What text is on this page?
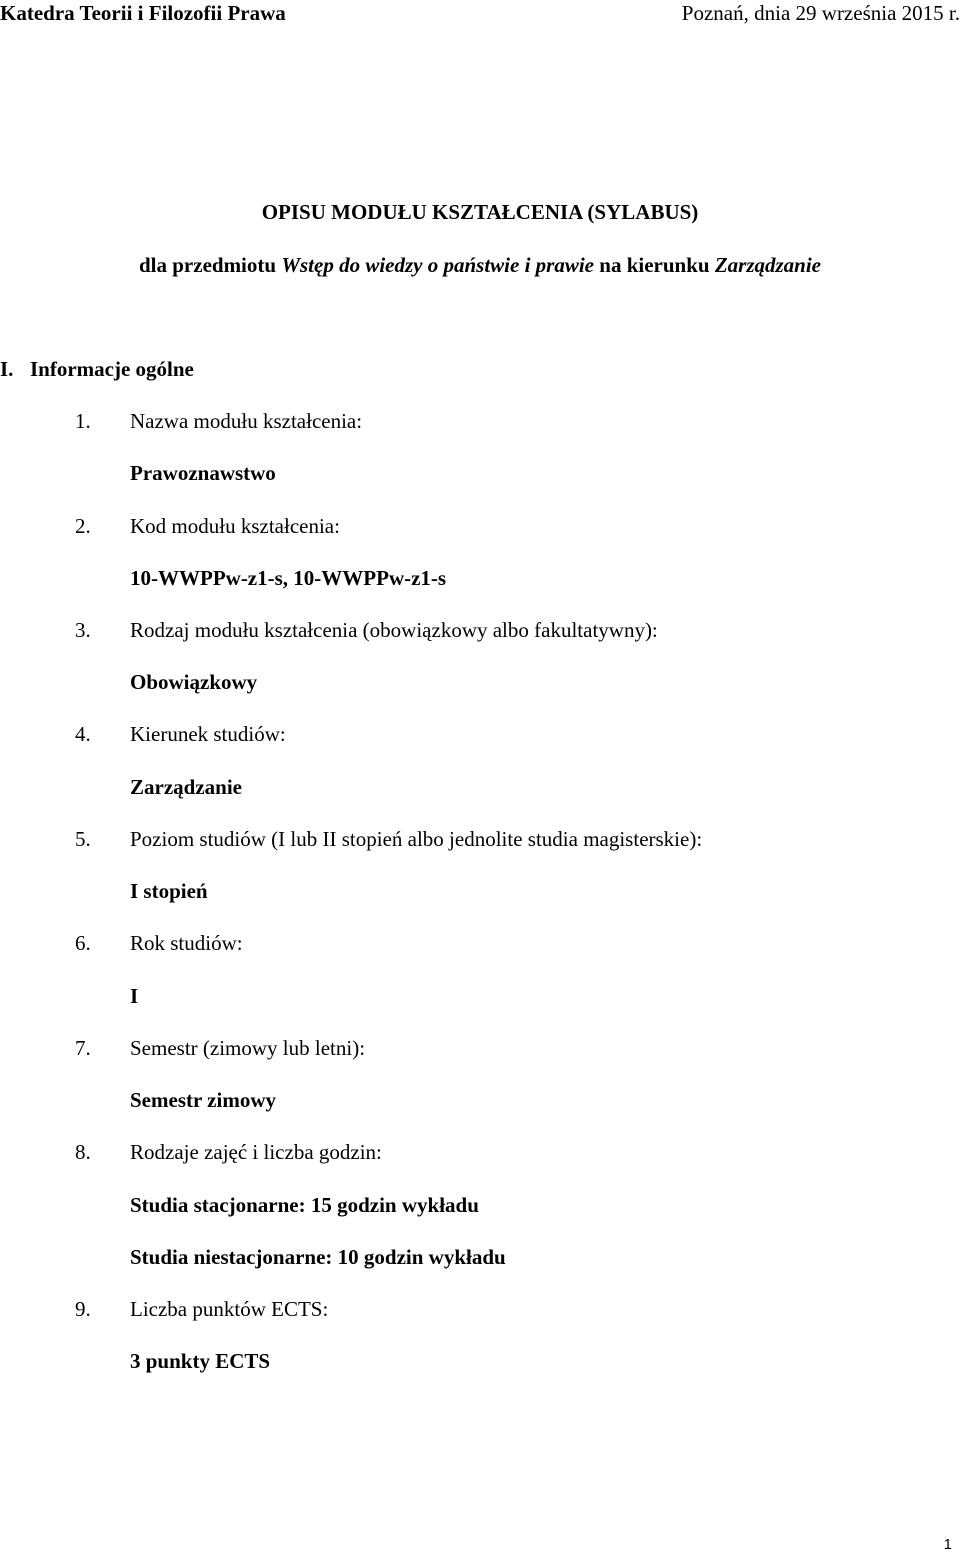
Katedra Teorii i Filozofii Prawa	Poznań, dnia 29 września 2015 r.
OPISU MODUŁU KSZTAŁCENIA (SYLABUS)
dla przedmiotu Wstęp do wiedzy o państwie i prawie na kierunku Zarządzanie
I. Informacje ogólne
1.	Nazwa modułu kształcenia:
Prawoznawstwo
2.	Kod modułu kształcenia:
10-WWPPw-z1-s, 10-WWPPw-z1-s
3.	Rodzaj modułu kształcenia (obowiązkowy albo fakultatywny):
Obowiązkowy
4.	Kierunek studiów:
Zarządzanie
5.	Poziom studiów (I lub II stopień albo jednolite studia magisterskie):
I stopień
6.	Rok studiów:
I
7.	Semestr (zimowy lub letni):
Semestr zimowy
8.	Rodzaje zajęć i liczba godzin:
Studia stacjonarne: 15 godzin wykładu
Studia niestacjonarne: 10 godzin wykładu
9.	Liczba punktów ECTS:
3 punkty ECTS
1
